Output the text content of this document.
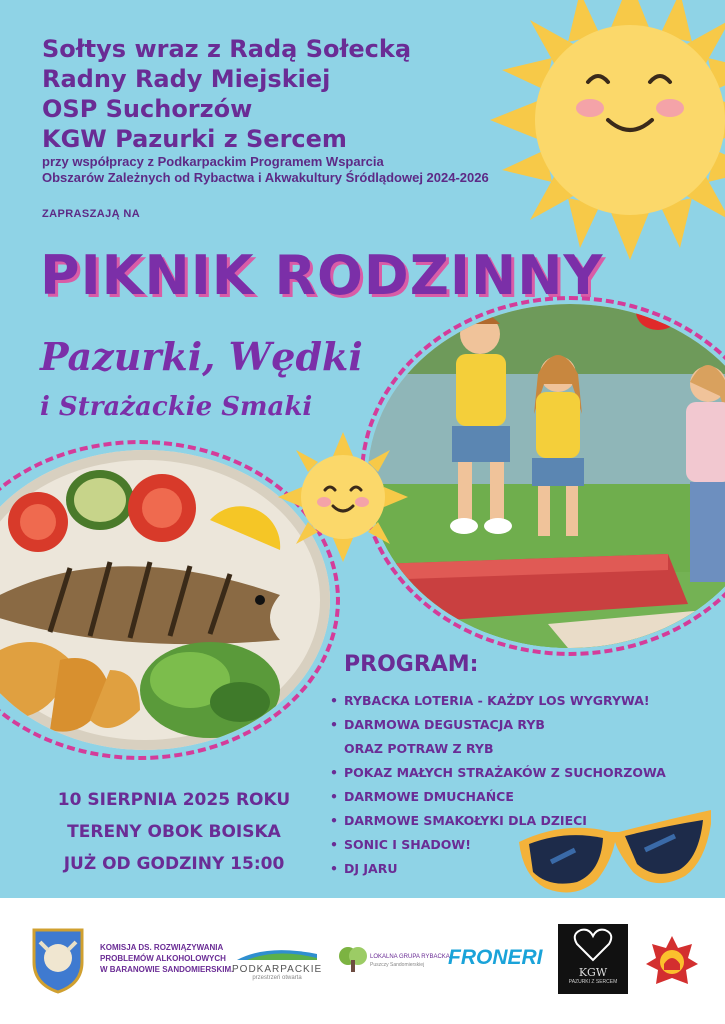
Sołtys wraz z Radą Sołecką
Radny Rady Miejskiej
OSP Suchorzów
KGW Pazurki z Sercem
przy współpracy z Podkarpackim Programem Wsparcia
Obszarów Zależnych od Rybactwa i Akwakultury Śródlądowej 2024-2026
ZAPRASZAJĄ NA
PIKNIK RODZINNY
Pazurki, Wędki
i Strażackie Smaki
10 SIERPNIA 2025 ROKU
TERENY OBOK BOISKA
JUŻ OD GODZINY 15:00
PROGRAM:
• RYBACKA LOTERIA - KAŻDY LOS WYGRYWA!
• DARMOWA DEGUSTACJA RYB
ORAZ POTRAW Z RYB
• POKAZ MAŁYCH STRAŻAKÓW Z SUCHORZOWA
• DARMOWE DMUCHAŃCE
• DARMOWE SMAKOŁYKI DLA DZIECI
• SONIC I SHADOW!
• DJ JARU
KOMISJA DS. ROZWIĄZYWANIA
PROBLEMÓW ALKOHOLOWYCH
W BARANOWIE SANDOMIERSKIM.
PODKARPACKIE
przestrzeń otwarta
LOKALNA GRUPA RYBACKA
Puszczy Sandomierskiej FRONERI
KGW
PAZURKI Z SERCEM
